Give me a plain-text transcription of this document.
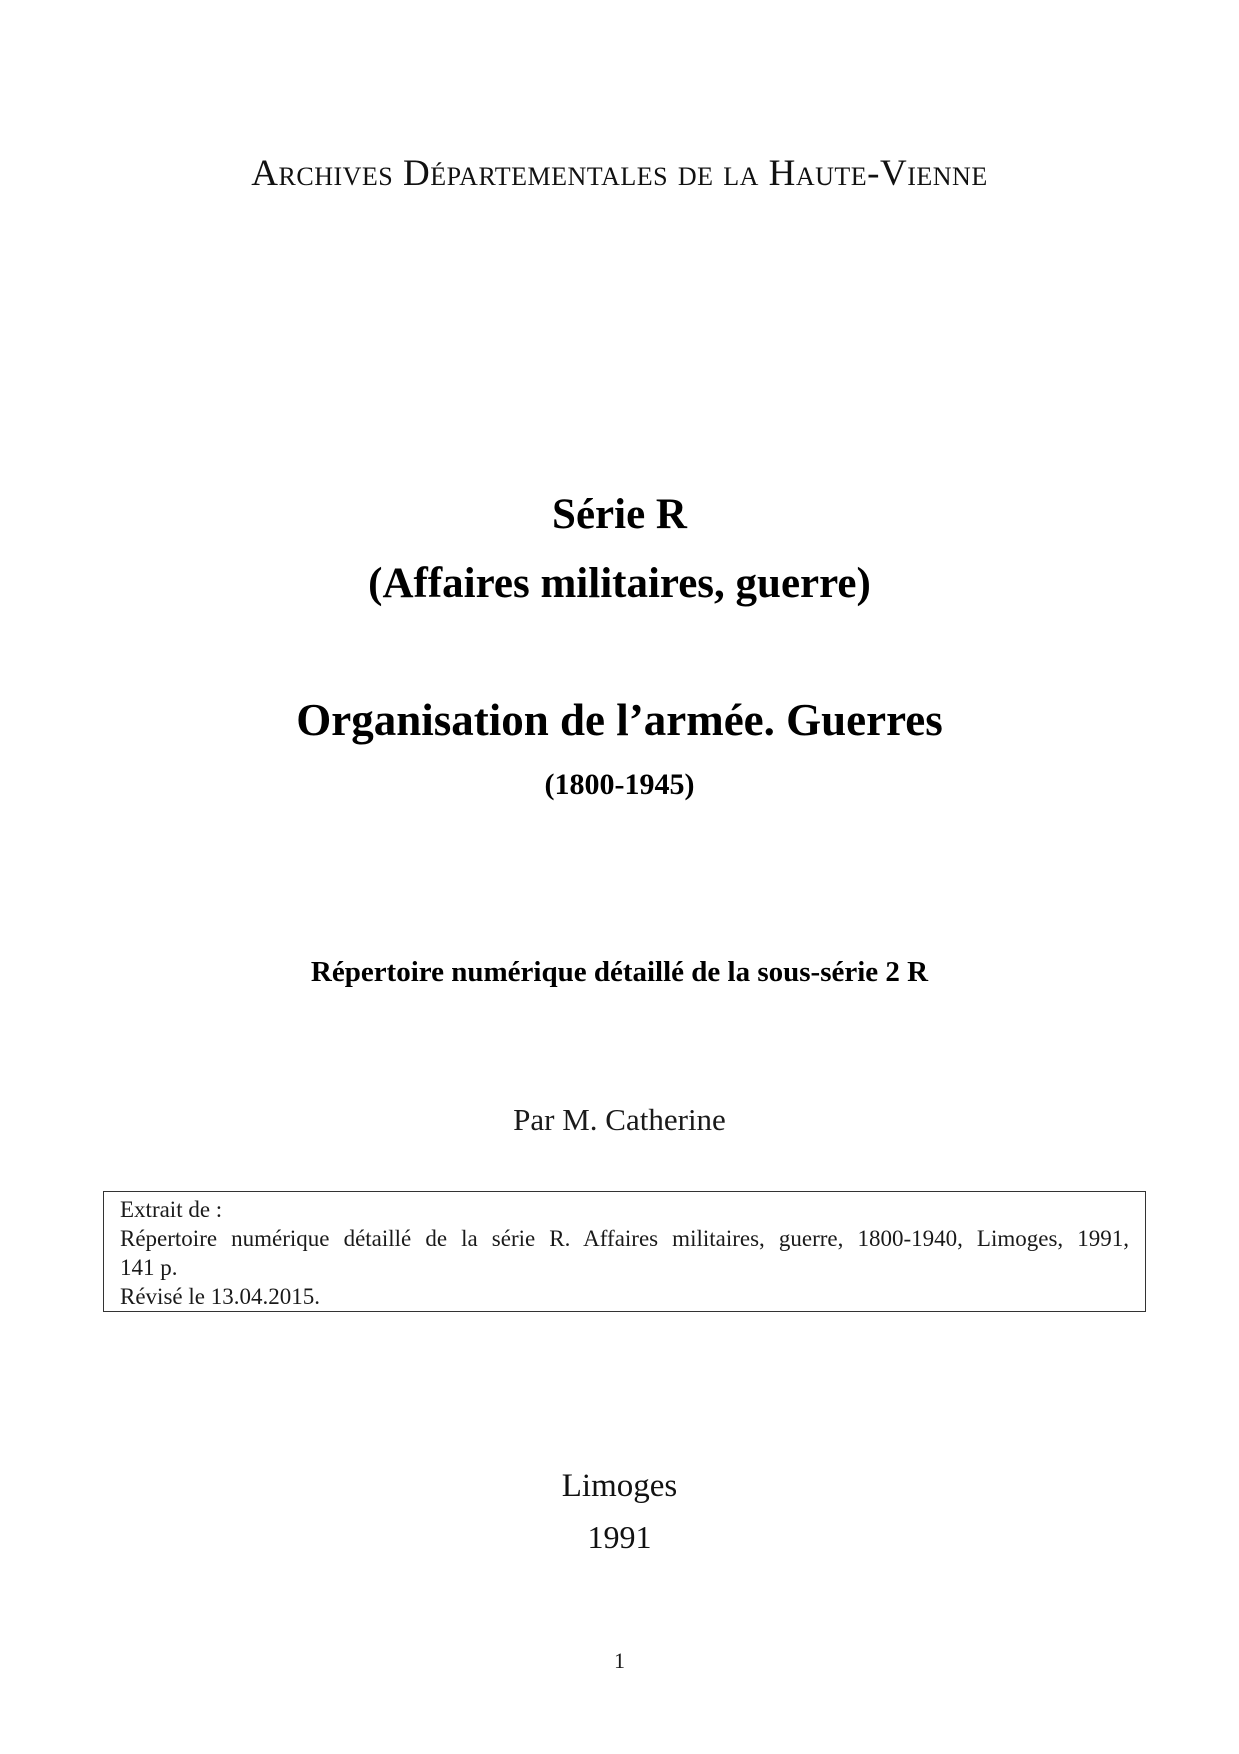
Archives Départementales de la Haute-Vienne
Série R
(Affaires militaires, guerre)
Organisation de l’armée. Guerres
(1800-1945)
Répertoire numérique détaillé de la sous-série 2 R
Par M. Catherine
Extrait de :
Répertoire numérique détaillé de la série R. Affaires militaires, guerre, 1800-1940, Limoges, 1991,
141 p.
Révisé le 13.04.2015.
Limoges
1991
1
